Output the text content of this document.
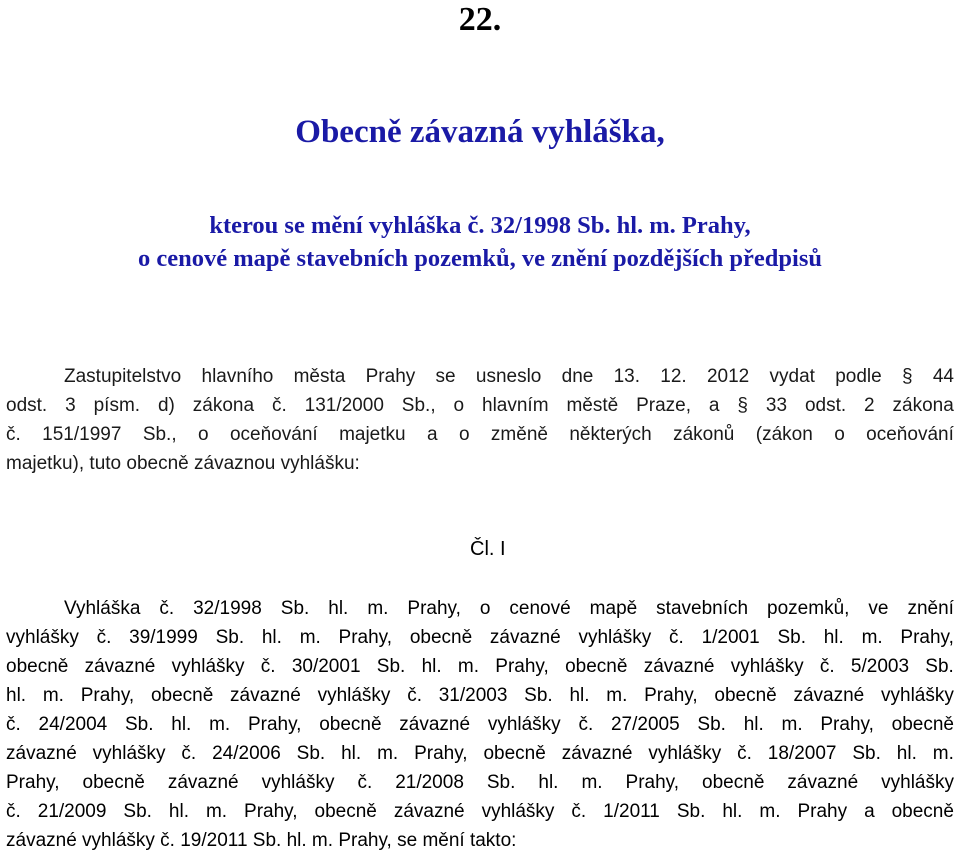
22.
Obecně závazná vyhláška,
kterou se mění vyhláška č. 32/1998 Sb. hl. m. Prahy,
o cenové mapě stavebních pozemků, ve znění pozdějších předpisů
Zastupitelstvo hlavního města Prahy se usneslo dne 13. 12. 2012 vydat podle § 44
odst. 3 písm. d) zákona č. 131/2000 Sb., o hlavním městě Praze, a § 33 odst. 2 zákona
č. 151/1997 Sb., o oceňování majetku a o změně některých zákonů (zákon o oceňování
majetku), tuto obecně závaznou vyhlášku:
Čl. I
Vyhláška č. 32/1998 Sb. hl. m. Prahy, o cenové mapě stavebních pozemků, ve znění
vyhlášky č. 39/1999 Sb. hl. m. Prahy, obecně závazné vyhlášky č. 1/2001 Sb. hl. m. Prahy,
obecně závazné vyhlášky č. 30/2001 Sb. hl. m. Prahy, obecně závazné vyhlášky č. 5/2003 Sb.
hl. m. Prahy, obecně závazné vyhlášky č. 31/2003 Sb. hl. m. Prahy, obecně závazné vyhlášky
č. 24/2004 Sb. hl. m. Prahy, obecně závazné vyhlášky č. 27/2005 Sb. hl. m. Prahy, obecně
závazné vyhlášky č. 24/2006 Sb. hl. m. Prahy, obecně závazné vyhlášky č. 18/2007 Sb. hl. m.
Prahy, obecně závazné vyhlášky č. 21/2008 Sb. hl. m. Prahy, obecně závazné vyhlášky
č. 21/2009 Sb. hl. m. Prahy, obecně závazné vyhlášky č. 1/2011 Sb. hl. m. Prahy a obecně
závazné vyhlášky č. 19/2011 Sb. hl. m. Prahy, se mění takto:
